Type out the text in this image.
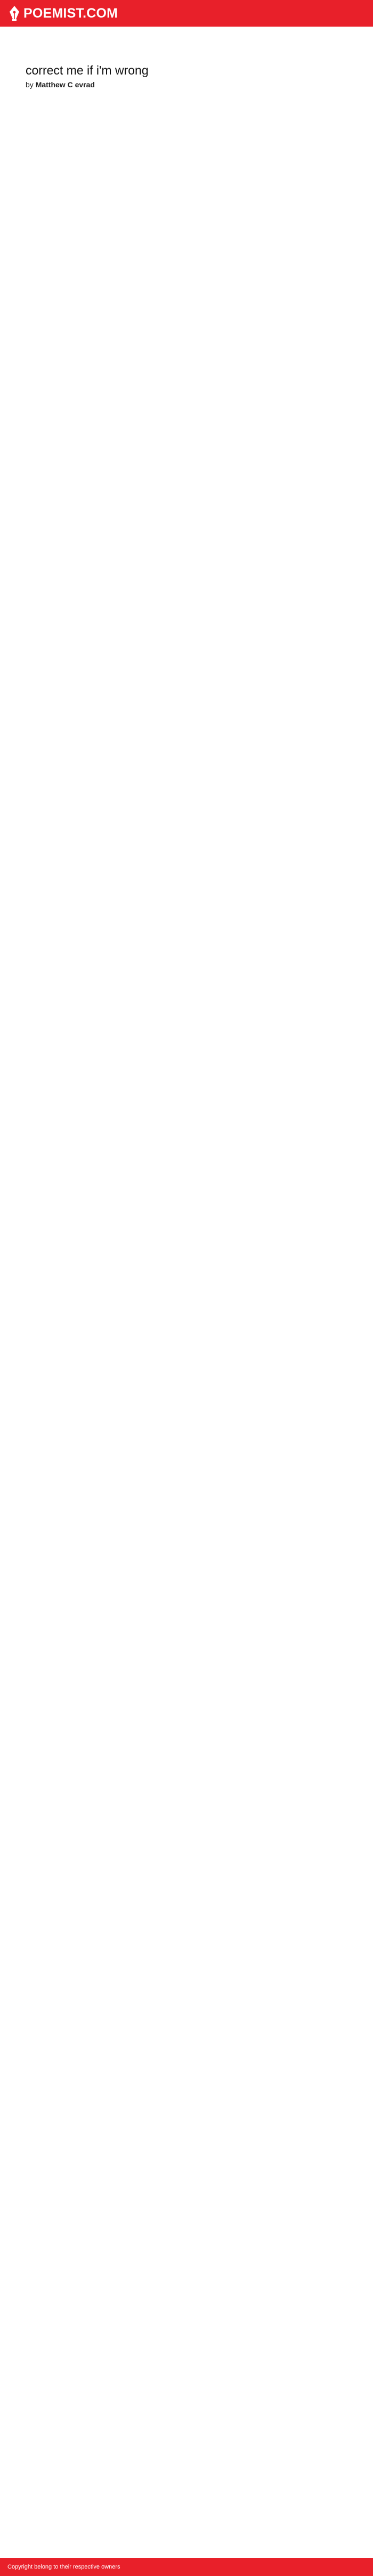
POEMIST.COM
correct me if i'm wrong
by Matthew C evrad
Copyright belong to their respective owners
